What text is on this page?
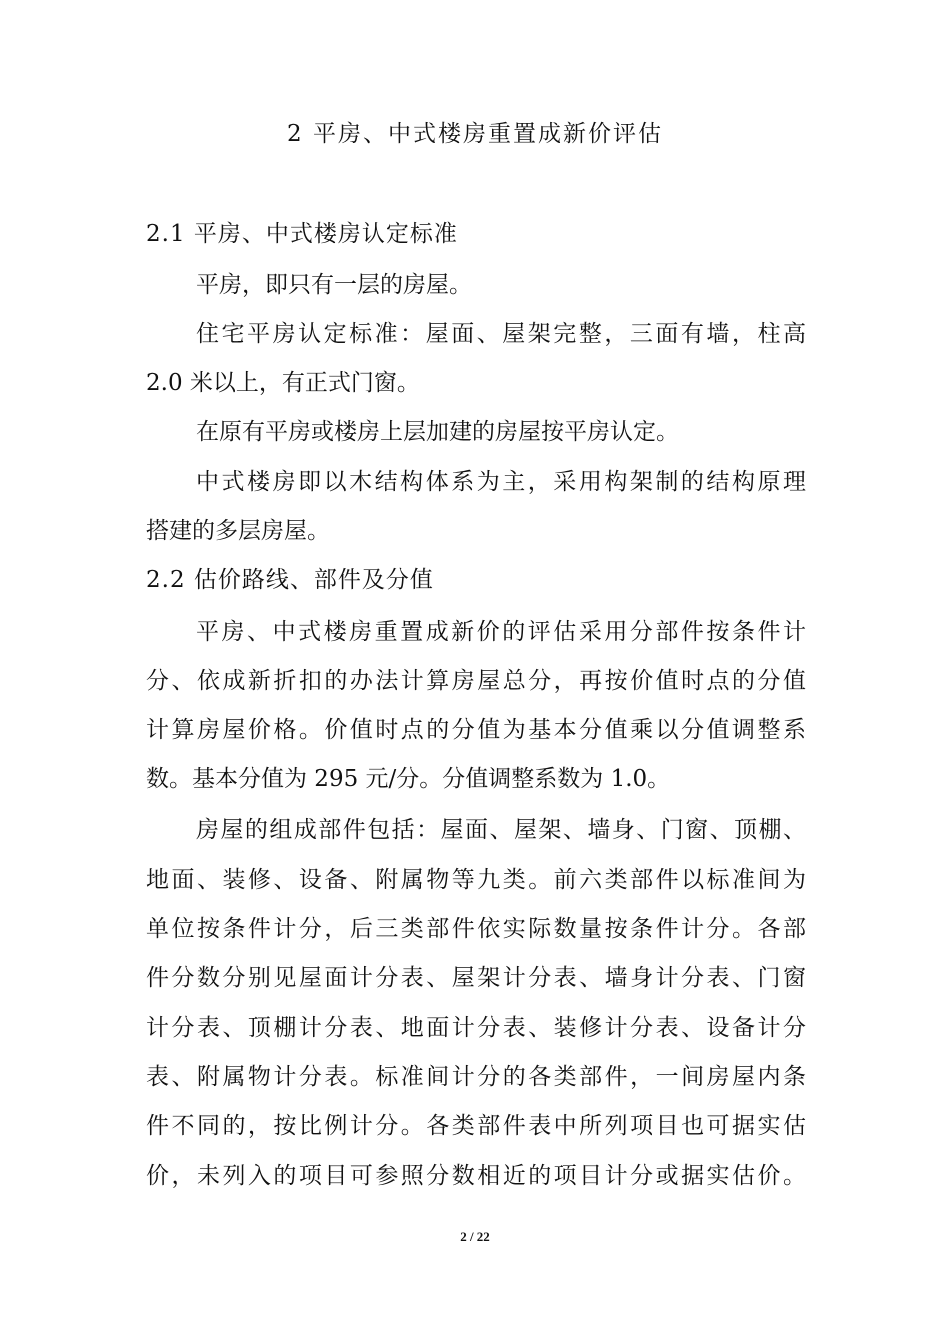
2 平房、中式楼房重置成新价评估
2.1 平房、中式楼房认定标准
平房，即只有一层的房屋。
住宅平房认定标准：屋面、屋架完整，三面有墙，柱高
2.0 米以上，有正式门窗。
在原有平房或楼房上层加建的房屋按平房认定。
中式楼房即以木结构体系为主，采用构架制的结构原理
搭建的多层房屋。
2.2 估价路线、部件及分值
平房、中式楼房重置成新价的评估采用分部件按条件计
分、依成新折扣的办法计算房屋总分，再按价值时点的分值
计算房屋价格。价值时点的分值为基本分值乘以分值调整系
数。基本分值为 295 元/分。分值调整系数为 1.0。
房屋的组成部件包括：屋面、屋架、墙身、门窗、顶棚、
地面、装修、设备、附属物等九类。前六类部件以标准间为
单位按条件计分，后三类部件依实际数量按条件计分。各部
件分数分别见屋面计分表、屋架计分表、墙身计分表、门窗
计分表、顶棚计分表、地面计分表、装修计分表、设备计分
表、附属物计分表。标准间计分的各类部件，一间房屋内条
件不同的，按比例计分。各类部件表中所列项目也可据实估
价，未列入的项目可参照分数相近的项目计分或据实估价。
2 / 22
